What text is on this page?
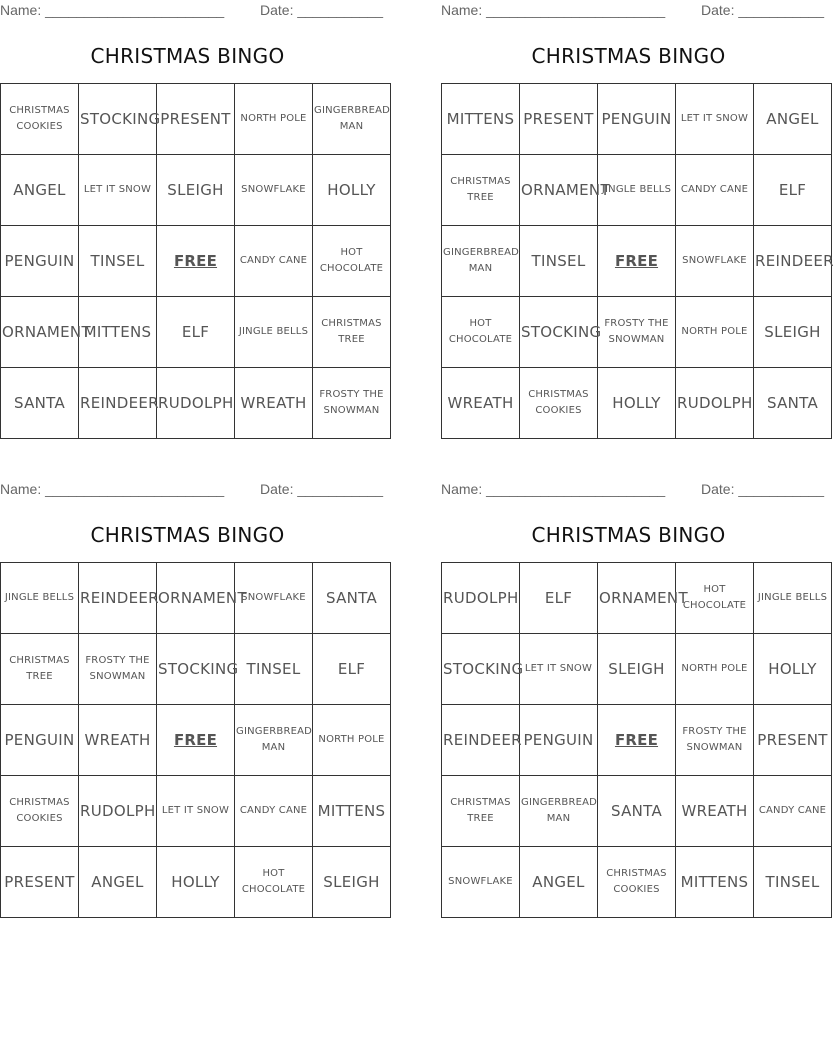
Name: _______________________	Date: ___________
CHRISTMAS BINGO
CHRISTMAS COOKIES	STOCKING	PRESENT	NORTH POLE	GINGERBREAD MAN
ANGEL	LET IT SNOW	SLEIGH	SNOWFLAKE	HOLLY
PENGUIN	TINSEL	FREE	CANDY CANE	HOT CHOCOLATE
ORNAMENT	MITTENS	ELF	JINGLE BELLS	CHRISTMAS TREE
SANTA	REINDEER	RUDOLPH	WREATH	FROSTY THE SNOWMAN
Name: _______________________	Date: ___________
CHRISTMAS BINGO
MITTENS	PRESENT	PENGUIN	LET IT SNOW	ANGEL
CHRISTMAS TREE	ORNAMENT	JINGLE BELLS	CANDY CANE	ELF
GINGERBREAD MAN	TINSEL	FREE	SNOWFLAKE	REINDEER
HOT CHOCOLATE	STOCKING	FROSTY THE SNOWMAN	NORTH POLE	SLEIGH
WREATH	CHRISTMAS COOKIES	HOLLY	RUDOLPH	SANTA
Name: _______________________	Date: ___________
CHRISTMAS BINGO
JINGLE BELLS	REINDEER	ORNAMENT	SNOWFLAKE	SANTA
CHRISTMAS TREE	FROSTY THE SNOWMAN	STOCKING	TINSEL	ELF
PENGUIN	WREATH	FREE	GINGERBREAD MAN	NORTH POLE
CHRISTMAS COOKIES	RUDOLPH	LET IT SNOW	CANDY CANE	MITTENS
PRESENT	ANGEL	HOLLY	HOT CHOCOLATE	SLEIGH
Name: _______________________	Date: ___________
CHRISTMAS BINGO
RUDOLPH	ELF	ORNAMENT	HOT CHOCOLATE	JINGLE BELLS
STOCKING	LET IT SNOW	SLEIGH	NORTH POLE	HOLLY
REINDEER	PENGUIN	FREE	FROSTY THE SNOWMAN	PRESENT
CHRISTMAS TREE	GINGERBREAD MAN	SANTA	WREATH	CANDY CANE
SNOWFLAKE	ANGEL	CHRISTMAS COOKIES	MITTENS	TINSEL
